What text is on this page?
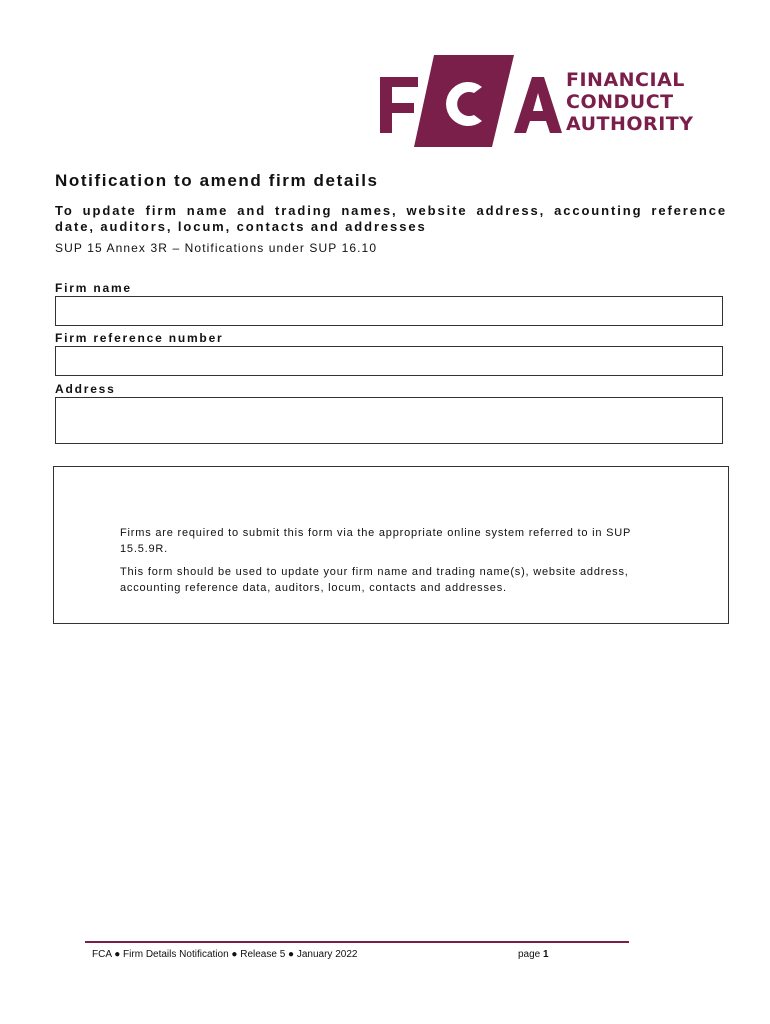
FINANCIAL
CONDUCT
AUTHORITY
Notification to amend firm details

To update firm name and trading names, website address, accounting reference date, auditors, locum, contacts and addresses

SUP 15 Annex 3R – Notifications under SUP 16.10

Firm name
Firm reference number
Address

Firms are required to submit this form via the appropriate online system referred to in SUP 15.5.9R.

This form should be used to update your firm name and trading name(s), website address, accounting reference data, auditors, locum, contacts and addresses.

FCA ● Firm Details Notification ● Release 5 ● January 2022	page 1
